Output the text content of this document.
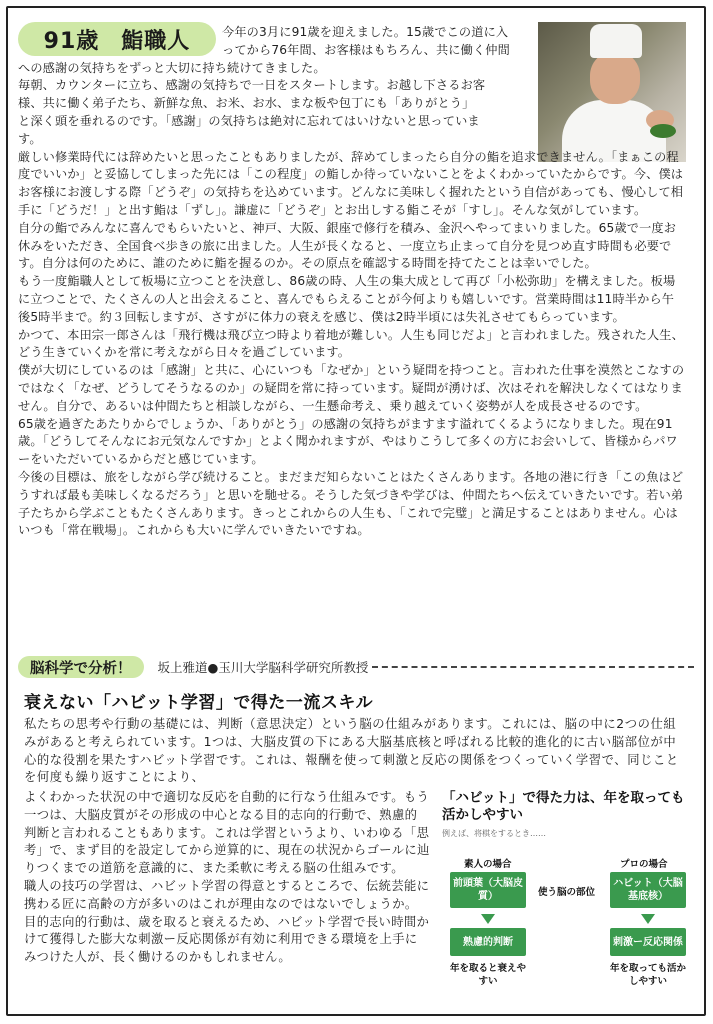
91歳 鮨職人	今年の3月に91歳を迎えました。15歳でこの道に入

ってから76年間、お客様はもちろん、共に働く仲間

への感謝の気持ちをずっと大切に持ち続けてきました。

毎朝、カウンターに立ち、感謝の気持ちで一日をスタートします。お越し下さるお客

様、共に働く弟子たち、新鮮な魚、お米、お水、まな板や包丁にも「ありがとう」

と深く頭を垂れるのです。「感謝」の気持ちは絶対に忘れてはいけないと思っていま

す。

厳しい修業時代には辞めたいと思ったこともありましたが、辞めてしまったら自分の鮨を追求できません。「まぁこの程度でいいか」と妥協してしまった先には「この程度」の鮨しか待っていないことをよくわかっていたからです。今、僕はお客様にお渡しする際「どうぞ」の気持ちを込めています。どんなに美味しく握れたという自信があっても、慢心して相手に「どうだ！」と出す鮨は「ずし」。謙虚に「どうぞ」とお出しする鮨こそが「すし」。そんな気がしています。

自分の鮨でみんなに喜んでもらいたいと、神戸、大阪、銀座で修行を積み、金沢へやってまいりました。65歳で一度お休みをいただき、全国食べ歩きの旅に出ました。人生が長くなると、一度立ち止まって自分を見つめ直す時間も必要です。自分は何のために、誰のために鮨を握るのか。その原点を確認する時間を持てたことは幸いでした。

もう一度鮨職人として板場に立つことを決意し、86歳の時、人生の集大成として再び「小松弥助」を構えました。板場に立つことで、たくさんの人と出会えること、喜んでもらえることが今何よりも嬉しいです。営業時間は11時半から午後5時半まで。約３回転しますが、さすがに体力の衰えを感じ、僕は2時半頃には失礼させてもらっています。

かつて、本田宗一郎さんは「飛行機は飛び立つ時より着地が難しい。人生も同じだよ」と言われました。残された人生、どう生きていくかを常に考えながら日々を過ごしています。

僕が大切にしているのは「感謝」と共に、心にいつも「なぜか」という疑問を持つこと。言われた仕事を漠然とこなすのではなく「なぜ、どうしてそうなるのか」の疑問を常に持っています。疑問が湧けば、次はそれを解決しなくてはなりません。自分で、あるいは仲間たちと相談しながら、一生懸命考え、乗り越えていく姿勢が人を成長させるのです。

65歳を過ぎたあたりからでしょうか、「ありがとう」の感謝の気持ちがますます溢れてくるようになりました。現在91歳。「どうしてそんなにお元気なんですか」とよく聞かれますが、やはりこうして多くの方にお会いして、皆様からパワーをいただいているからだと感じています。

今後の目標は、旅をしながら学び続けること。まだまだ知らないことはたくさんあります。各地の港に行き「この魚はどうすれば最も美味しくなるだろう」と思いを馳せる。そうした気づきや学びは、仲間たちへ伝えていきたいです。若い弟子たちから学ぶこともたくさんあります。きっとこれからの人生も、「これで完璧」と満足することはありません。心はいつも「常在戦場」。これからも大いに学んでいきたいですね。

脳科学で分析！	坂上雅道●玉川大学脳科学研究所教授
衰えない「ハビット学習」で得た一流スキル
私たちの思考や行動の基礎には、判断（意思決定）という脳の仕組みがあります。これには、脳の中に2つの仕組みがあると考えられています。1つは、大脳皮質の下にある大脳基底核と呼ばれる比較的進化的に古い脳部位が中心的な役割を果たすハビット学習です。これは、報酬を使って刺激と反応の関係をつくっていく学習で、同じことを何度も繰り返すことにより、

よくわかった状況の中で適切な反応を自動的に行なう仕組みです。もう一つは、大脳皮質がその形成の中心となる目的志向的行動で、熟慮的判断と言われることもあります。これは学習というより、いわゆる「思考」で、まず目的を設定してから逆算的に、現在の状況からゴールに辿りつくまでの道筋を意識的に、また柔軟に考える脳の仕組みです。

職人の技巧の学習は、ハビット学習の得意とするところで、伝統芸能に携わる匠に高齢の方が多いのはこれが理由なのではないでしょうか。目的志向的行動は、歳を取ると衰えるため、ハビット学習で長い時間かけて獲得した膨大な刺激ー反応関係が有効に利用できる環境を上手にみつけた人が、長く働けるのかもしれません。

「ハビット」で得た力は、年を取っても活かしやすい
例えば、将棋をするとき……
素人の場合	プロの場合
前頭葉（大脳皮質）
ハビット（大脳基底核）
使う脳の部位
熟慮的判断	刺激ー反応関係
年を取ると衰えやすい
年を取っても活かしやすい
